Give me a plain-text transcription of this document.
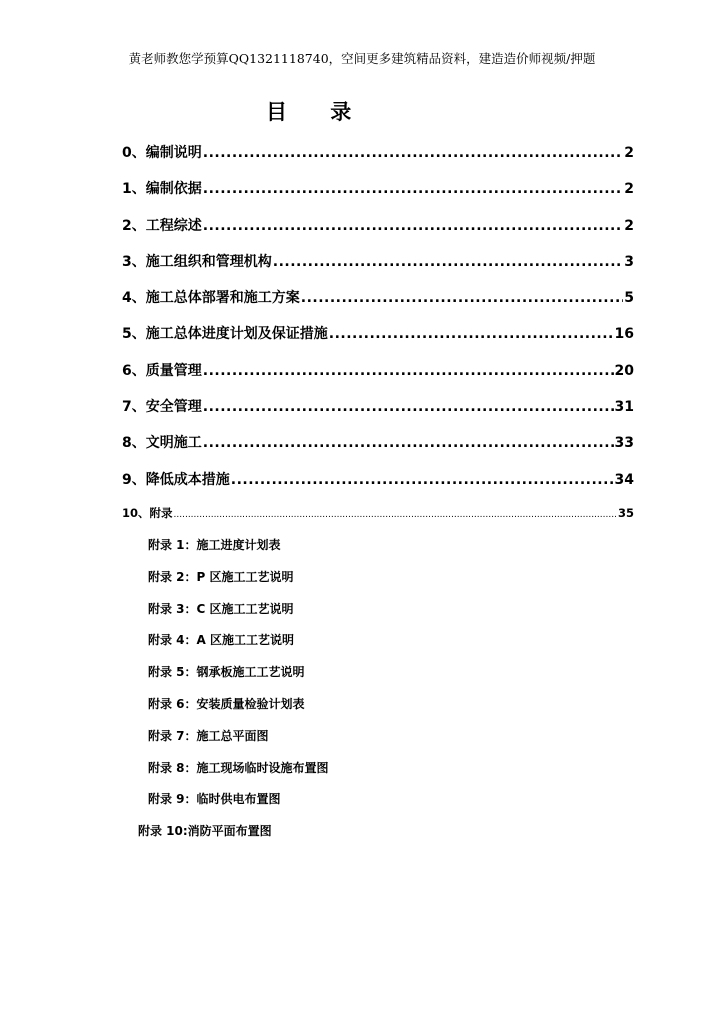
黄老师教您学预算QQ1321118740，空间更多建筑精品资料，建造造价师视频/押题
目 录
0、编制说明 .....	2
1、编制依据 .....	2
2、工程综述 .....	2
3、施工组织和管理机构 .....	3
4、施工总体部署和施工方案 .....	5
5、施工总体进度计划及保证措施 .....	16
6、质量管理 .....	20
7、安全管理 .....	31
8、文明施工 .....	33
9、降低成本措施 .....	34
10、附录 .....	35
附录 1：施工进度计划表
附录 2：P 区施工工艺说明
附录 3：C 区施工工艺说明
附录 4：A 区施工工艺说明
附录 5：钢承板施工工艺说明
附录 6：安装质量检验计划表
附录 7：施工总平面图
附录 8：施工现场临时设施布置图
附录 9：临时供电布置图
附录 10:消防平面布置图
